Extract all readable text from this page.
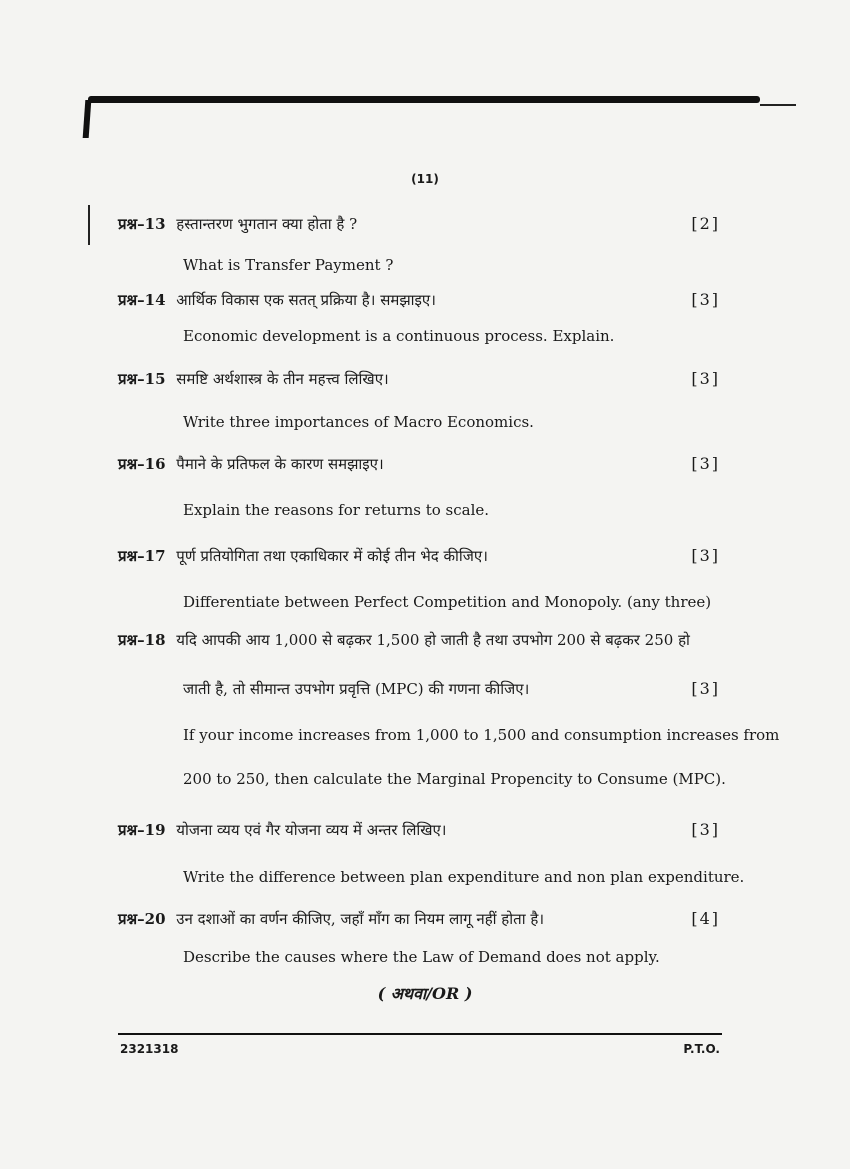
(11)
प्रश्न–13 हस्तान्तरण भुगतान क्या होता है ?	[2]
What is Transfer Payment ?
प्रश्न–14 आर्थिक विकास एक सतत् प्रक्रिया है। समझाइए।	[3]
Economic development is a continuous process. Explain.
प्रश्न–15 समष्टि अर्थशास्त्र के तीन महत्त्व लिखिए।	[3]
Write three importances of Macro Economics.
प्रश्न–16 पैमाने के प्रतिफल के कारण समझाइए।	[3]
Explain the reasons for returns to scale.
प्रश्न–17 पूर्ण प्रतियोगिता तथा एकाधिकार में कोई तीन भेद कीजिए।	[3]
Differentiate between Perfect Competition and Monopoly. (any three)
प्रश्न–18 यदि आपकी आय 1,000 से बढ़कर 1,500 हो जाती है तथा उपभोग 200 से बढ़कर 250 हो
जाती है, तो सीमान्त उपभोग प्रवृत्ति (MPC) की गणना कीजिए।	[3]
If your income increases from 1,000 to 1,500 and consumption increases from
200 to 250, then calculate the Marginal Propencity to Consume (MPC).
प्रश्न–19 योजना व्यय एवं गैर योजना व्यय में अन्तर लिखिए।	[3]
Write the difference between plan expenditure and non plan expenditure.
प्रश्न–20 उन दशाओं का वर्णन कीजिए, जहाँ माँग का नियम लागू नहीं होता है।	[4]
Describe the causes where the Law of Demand does not apply.
( अथवा/OR )
2321318	P.T.O.
